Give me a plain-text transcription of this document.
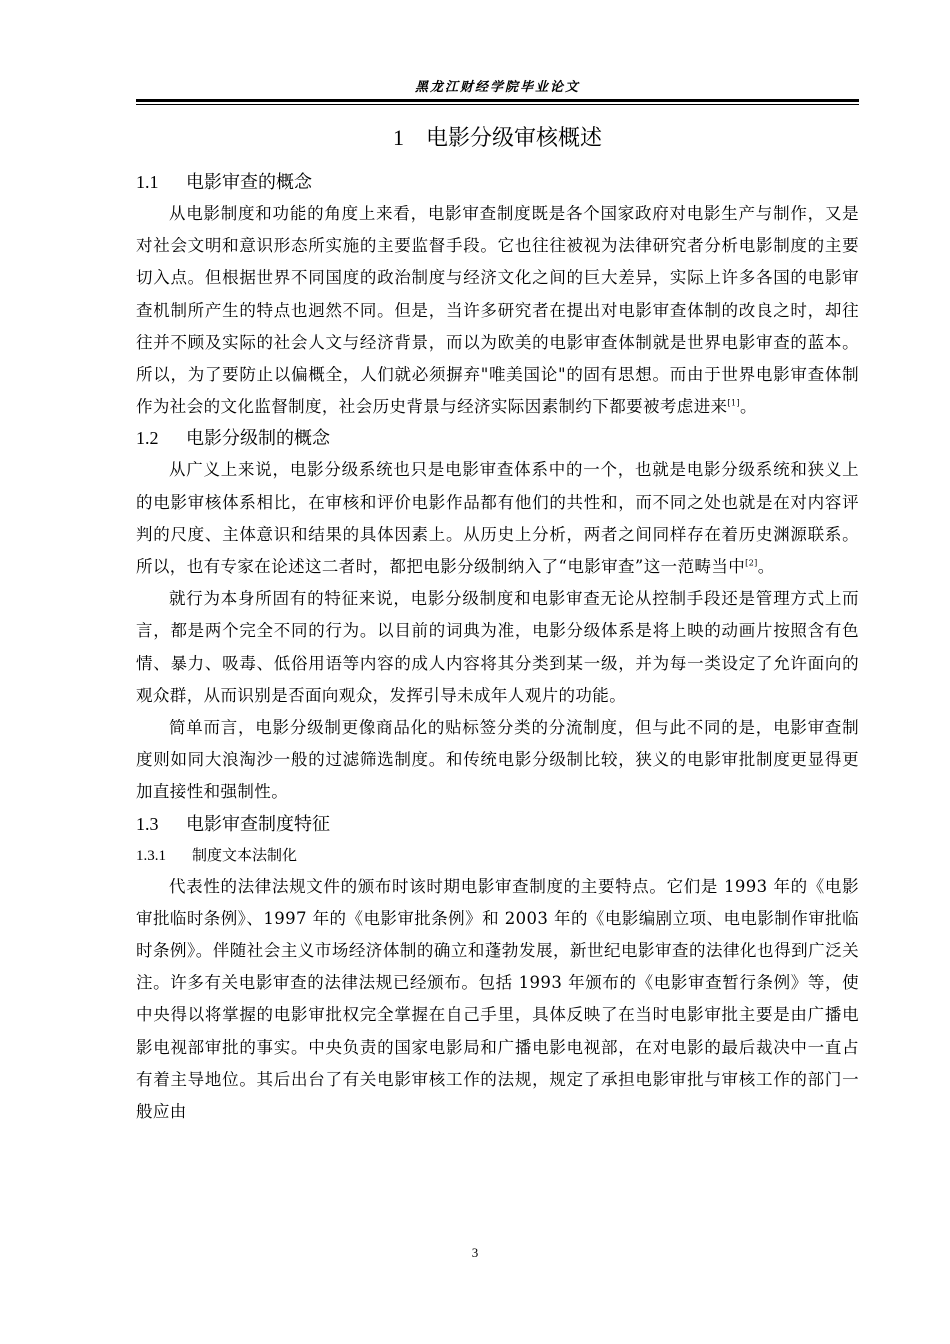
黑龙江财经学院毕业论文
1 电影分级审核概述
1.1 电影审查的概念

从电影制度和功能的角度上来看，电影审查制度既是各个国家政府对电影生产与制作，又是对社会文明和意识形态所实施的主要监督手段。它也往往被视为法律研究者分析电影制度的主要切入点。但根据世界不同国度的政治制度与经济文化之间的巨大差异，实际上许多各国的电影审查机制所产生的特点也迥然不同。但是，当许多研究者在提出对电影审查体制的改良之时，却往往并不顾及实际的社会人文与经济背景，而以为欧美的电影审查体制就是世界电影审查的蓝本。所以，为了要防止以偏概全，人们就必须摒弃"唯美国论"的固有思想。而由于世界电影审查体制作为社会的文化监督制度，社会历史背景与经济实际因素制约下都要被考虑进来[1]。

1.2 电影分级制的概念

从广义上来说，电影分级系统也只是电影审查体系中的一个，也就是电影分级系统和狭义上的电影审核体系相比，在审核和评价电影作品都有他们的共性和，而不同之处也就是在对内容评判的尺度、主体意识和结果的具体因素上。从历史上分析，两者之间同样存在着历史渊源联系。所以，也有专家在论述这二者时，都把电影分级制纳入了“电影审查”这一范畴当中[2]。

就行为本身所固有的特征来说，电影分级制度和电影审查无论从控制手段还是管理方式上而言，都是两个完全不同的行为。以目前的词典为准，电影分级体系是将上映的动画片按照含有色情、暴力、吸毒、低俗用语等内容的成人内容将其分类到某一级，并为每一类设定了允许面向的观众群，从而识别是否面向观众，发挥引导未成年人观片的功能。

简单而言，电影分级制更像商品化的贴标签分类的分流制度，但与此不同的是，电影审查制度则如同大浪淘沙一般的过滤筛选制度。和传统电影分级制比较，狭义的电影审批制度更显得更加直接性和强制性。

1.3 电影审查制度特征
1.3.1 制度文本法制化

代表性的法律法规文件的颁布时该时期电影审查制度的主要特点。它们是 1993 年的《电影审批临时条例》、1997 年的《电影审批条例》和 2003 年的《电影编剧立项、电电影制作审批临时条例》。伴随社会主义市场经济体制的确立和蓬勃发展，新世纪电影审查的法律化也得到广泛关注。许多有关电影审查的法律法规已经颁布。包括 1993 年颁布的《电影审查暂行条例》等，使中央得以将掌握的电影审批权完全掌握在自己手里，具体反映了在当时电影审批主要是由广播电影电视部审批的事实。中央负责的国家电影局和广播电影电视部，在对电影的最后裁决中一直占有着主导地位。其后出台了有关电影审核工作的法规，规定了承担电影审批与审核工作的部门一般应由

3
